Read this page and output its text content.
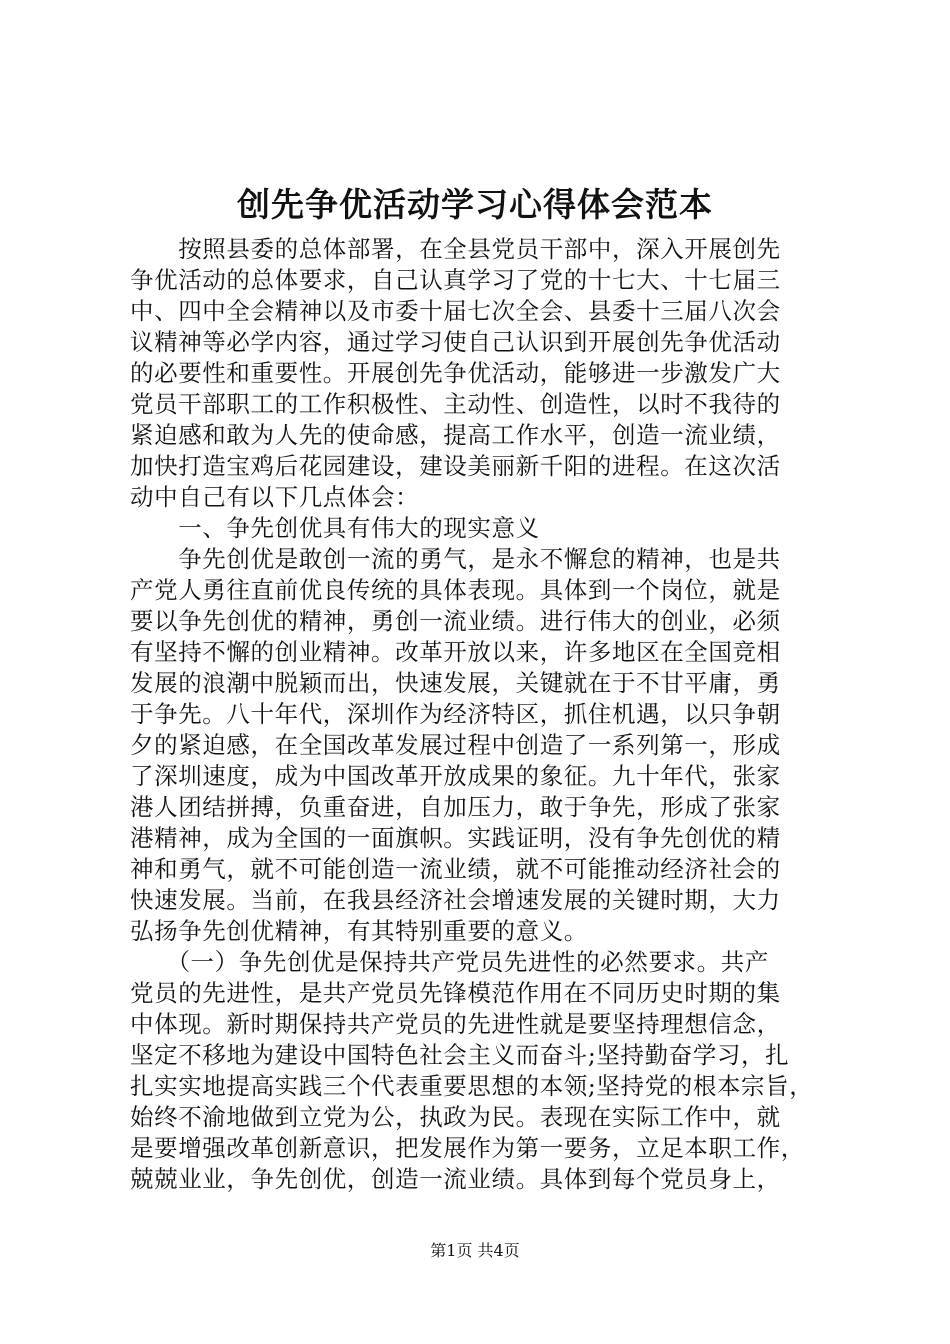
创先争优活动学习心得体会范本
　　按照县委的总体部署，在全县党员干部中，深入开展创先
争优活动的总体要求，自己认真学习了党的十七大、十七届三
中、四中全会精神以及市委十届七次全会、县委十三届八次会
议精神等必学内容，通过学习使自己认识到开展创先争优活动
的必要性和重要性。开展创先争优活动，能够进一步激发广大
党员干部职工的工作积极性、主动性、创造性，以时不我待的
紧迫感和敢为人先的使命感，提高工作水平，创造一流业绩，
加快打造宝鸡后花园建设，建设美丽新千阳的进程。在这次活
动中自己有以下几点体会：
　　一、争先创优具有伟大的现实意义
　　争先创优是敢创一流的勇气，是永不懈怠的精神，也是共
产党人勇往直前优良传统的具体表现。具体到一个岗位，就是
要以争先创优的精神，勇创一流业绩。进行伟大的创业，必须
有坚持不懈的创业精神。改革开放以来，许多地区在全国竞相
发展的浪潮中脱颖而出，快速发展，关键就在于不甘平庸，勇
于争先。八十年代，深圳作为经济特区，抓住机遇，以只争朝
夕的紧迫感，在全国改革发展过程中创造了一系列第一，形成
了深圳速度，成为中国改革开放成果的象征。九十年代，张家
港人团结拼搏，负重奋进，自加压力，敢于争先，形成了张家
港精神，成为全国的一面旗帜。实践证明，没有争先创优的精
神和勇气，就不可能创造一流业绩，就不可能推动经济社会的
快速发展。当前，在我县经济社会增速发展的关键时期，大力
弘扬争先创优精神，有其特别重要的意义。
　　（一）争先创优是保持共产党员先进性的必然要求。共产
党员的先进性，是共产党员先锋模范作用在不同历史时期的集
中体现。新时期保持共产党员的先进性就是要坚持理想信念，
坚定不移地为建设中国特色社会主义而奋斗;坚持勤奋学习，扎
扎实实地提高实践三个代表重要思想的本领;坚持党的根本宗旨，
始终不渝地做到立党为公，执政为民。表现在实际工作中，就
是要增强改革创新意识，把发展作为第一要务，立足本职工作，
兢兢业业，争先创优，创造一流业绩。具体到每个党员身上，
第1页 共4页
